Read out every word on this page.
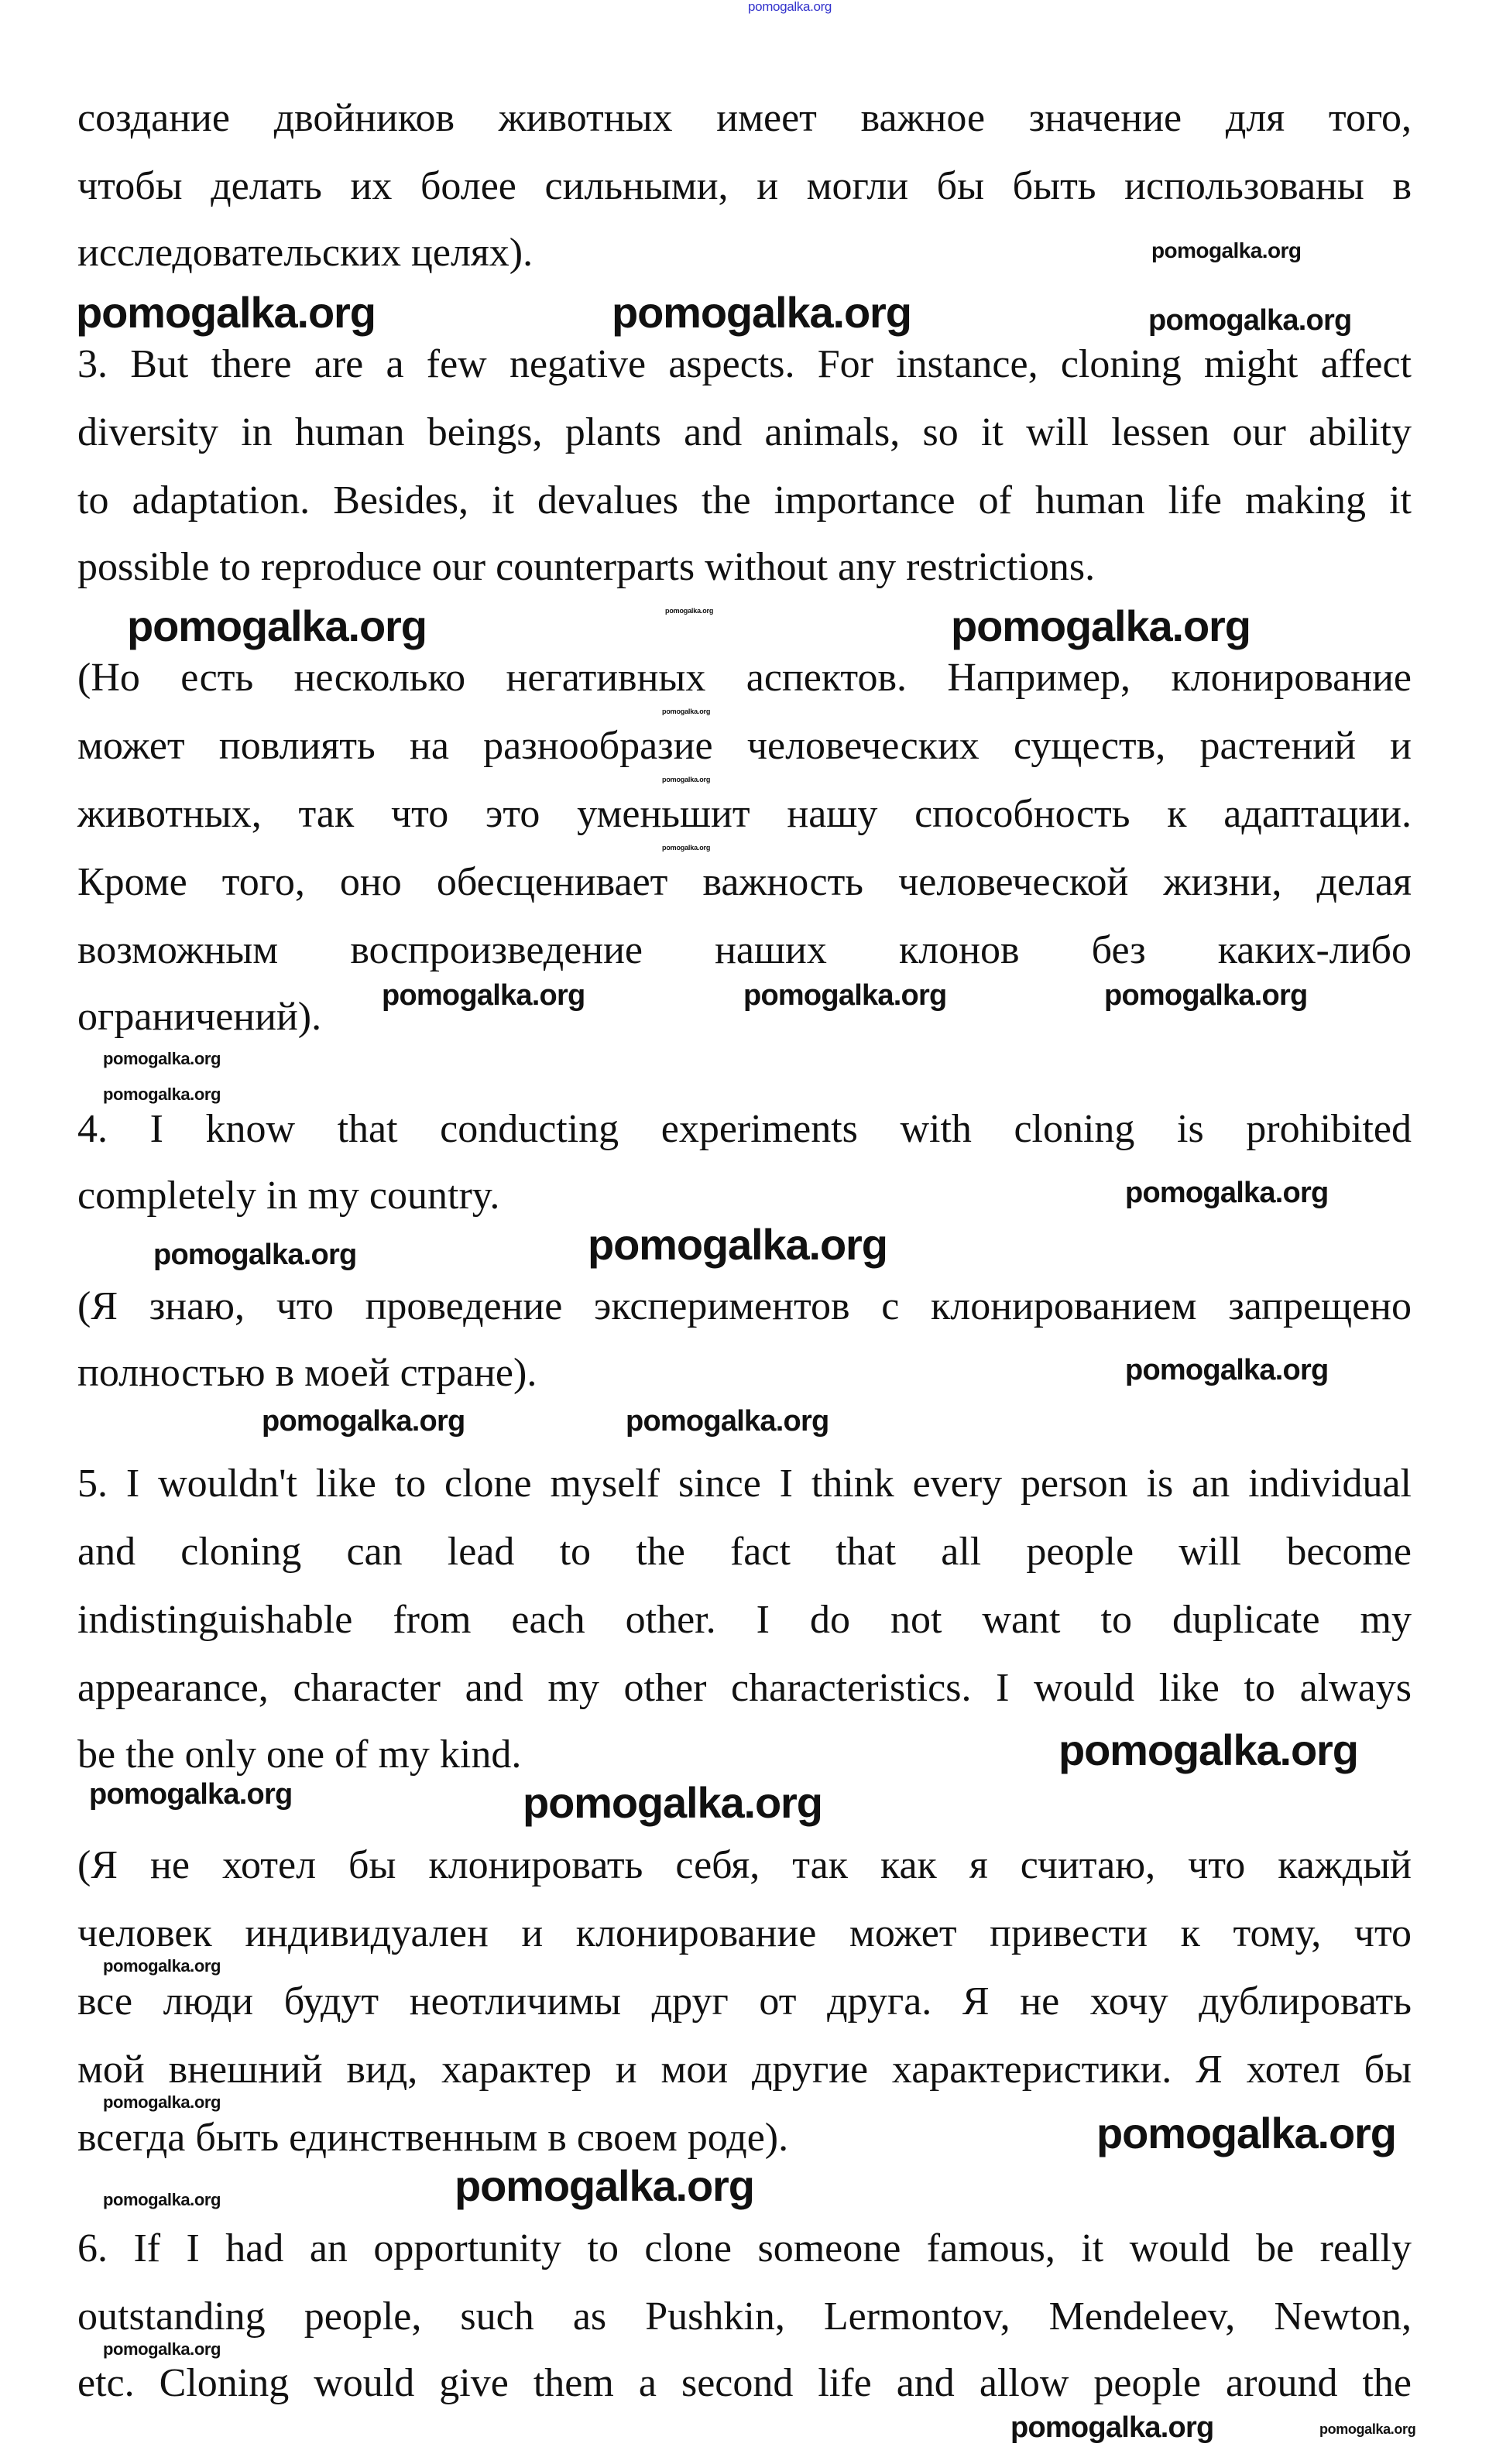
создание двойников животных имеет важное значение для того,
чтобы делать их более сильными, и могли бы быть использованы в
исследовательских целях).
3. But there are a few negative aspects. For instance, cloning might affect
diversity in human beings, plants and animals, so it will lessen our ability
to adaptation. Besides, it devalues the importance of human life making it
possible to reproduce our counterparts without any restrictions.
(Но есть несколько негативных аспектов. Например, клонирование
может повлиять на разнообразие человеческих существ, растений и
животных, так что это уменьшит нашу способность к адаптации.
Кроме того, оно обесценивает важность человеческой жизни, делая
возможным воспроизведение наших клонов без каких-либо
ограничений).
4. I know that conducting experiments with cloning is prohibited
completely in my country.
(Я знаю, что проведение экспериментов с клонированием запрещено
полностью в моей стране).
5. I wouldn't like to clone myself since I think every person is an individual
and cloning can lead to the fact that all people will become
indistinguishable from each other. I do not want to duplicate my
appearance, character and my other characteristics. I would like to always
be the only one of my kind.
(Я не хотел бы клонировать себя, так как я считаю, что каждый
человек индивидуален и клонирование может привести к тому, что
все люди будут неотличимы друг от друга. Я не хочу дублировать
мой внешний вид, характер и мои другие характеристики. Я хотел бы
всегда быть единственным в своем роде).
6. If I had an opportunity to clone someone famous, it would be really
outstanding people, such as Pushkin, Lermontov, Mendeleev, Newton,
etc. Cloning would give them a second life and allow people around the
pomogalka.org
pomogalka.org
pomogalka.org	pomogalka.org	pomogalka.org
pomogalka.org
pomogalka.org
pomogalka.org
pomogalka.org
pomogalka.org	pomogalka.org
pomogalka.org
pomogalka.org	pomogalka.org	pomogalka.org
pomogalka.org
pomogalka.org
pomogalka.org
pomogalka.org
pomogalka.org
pomogalka.org	pomogalka.org
pomogalka.org
pomogalka.org	pomogalka.org
pomogalka.org
pomogalka.org
pomogalka.org
pomogalka.org	pomogalka.org
pomogalka.org
pomogalka.org	pomogalka.org
